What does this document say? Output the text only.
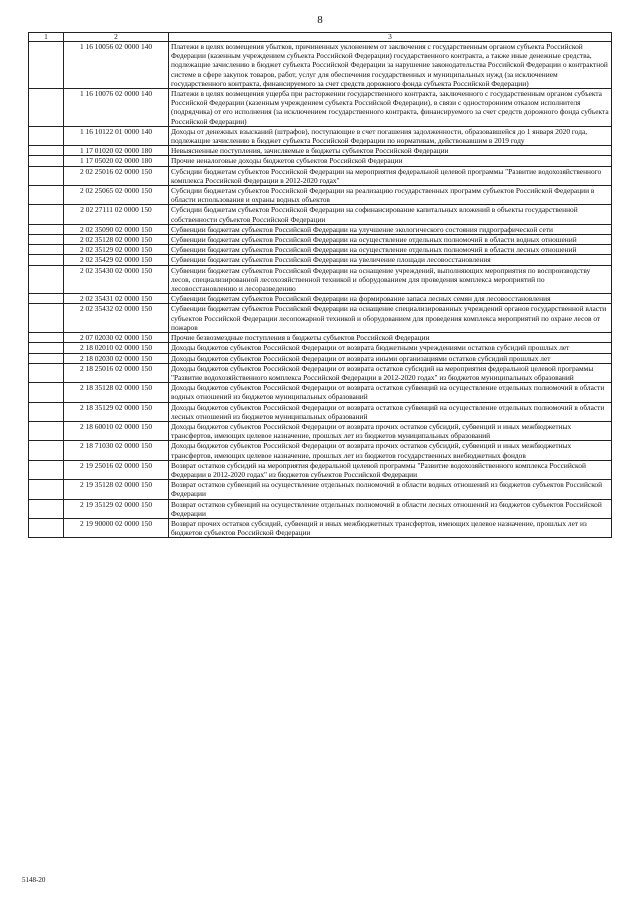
8
1	2	3
	1 16 10056 02 0000 140	Платежи в целях возмещения убытков, причиненных уклонением от заключения с государственным органом субъекта Российской Федерации (казенным учреждением субъекта Российской Федерации) государственного контракта, а также иные денежные средства, подлежащие зачислению в бюджет субъекта Российской Федерации за нарушение законодательства Российской Федерации о контрактной системе в сфере закупок товаров, работ, услуг для обеспечения государственных и муниципальных нужд (за исключением государственного контракта, финансируемого за счет средств дорожного фонда субъекта Российской Федерации)
	1 16 10076 02 0000 140	Платежи в целях возмещения ущерба при расторжении государственного контракта, заключенного с государственным органом субъекта Российской Федерации (казенным учреждением субъекта Российской Федерации), в связи с односторонним отказом исполнителя (подрядчика) от его исполнения (за исключением государственного контракта, финансируемого за счет средств дорожного фонда субъекта Российской Федерации)
	1 16 10122 01 0000 140	Доходы от денежных взысканий (штрафов), поступающие в счет погашения задолженности, образовавшейся до 1 января 2020 года, подлежащие зачислению в бюджет субъекта Российской Федерации по нормативам, действовавшим в 2019 году
	1 17 01020 02 0000 180	Невыясненные поступления, зачисляемые в бюджеты субъектов Российской Федерации
	1 17 05020 02 0000 180	Прочие неналоговые доходы бюджетов субъектов Российской Федерации
	2 02 25016 02 0000 150	Субсидии бюджетам субъектов Российской Федерации на мероприятия федеральной целевой программы "Развитие водохозяйственного комплекса Российской Федерации в 2012-2020 годах"
	2 02 25065 02 0000 150	Субсидии бюджетам субъектов Российской Федерации на реализацию государственных программ субъектов Российской Федерации в области использования и охраны водных объектов
	2 02 27111 02 0000 150	Субсидии бюджетам субъектов Российской Федерации на софинансирование капитальных вложений в объекты государственной собственности субъектов Российской Федерации
	2 02 35090 02 0000 150	Субвенции бюджетам субъектов Российской Федерации на улучшение экологического состояния гидрографической сети
	2 02 35128 02 0000 150	Субвенции бюджетам субъектов Российской Федерации на осуществление отдельных полномочий в области водных отношений
	2 02 35129 02 0000 150	Субвенции бюджетам субъектов Российской Федерации на осуществление отдельных полномочий в области лесных отношений
	2 02 35429 02 0000 150	Субвенции бюджетам субъектов Российской Федерации на увеличение площади лесовосстановления
	2 02 35430 02 0000 150	Субвенции бюджетам субъектов Российской Федерации на оснащение учреждений, выполняющих мероприятия по воспроизводству лесов, специализированной лесохозяйственной техникой и оборудованием для проведения комплекса мероприятий по лесовосстановлению и лесоразведению
	2 02 35431 02 0000 150	Субвенции бюджетам субъектов Российской Федерации на формирование запаса лесных семян для лесовосстановления
	2 02 35432 02 0000 150	Субвенции бюджетам субъектов Российской Федерации на оснащение специализированных учреждений органов государственной власти субъектов Российской Федерации лесопожарной техникой и оборудованием для проведения комплекса мероприятий по охране лесов от пожаров
	2 07 02030 02 0000 150	Прочие безвозмездные поступления в бюджеты субъектов Российской Федерации
	2 18 02010 02 0000 150	Доходы бюджетов субъектов Российской Федерации от возврата бюджетными учреждениями остатков субсидий прошлых лет
	2 18 02030 02 0000 150	Доходы бюджетов субъектов Российской Федерации от возврата иными организациями остатков субсидий прошлых лет
	2 18 25016 02 0000 150	Доходы бюджетов субъектов Российской Федерации от возврата остатков субсидий на мероприятия федеральной целевой программы "Развитие водохозяйственного комплекса Российской Федерации в 2012-2020 годах" из бюджетов муниципальных образований
	2 18 35128 02 0000 150	Доходы бюджетов субъектов Российской Федерации от возврата остатков субвенций на осуществление отдельных полномочий в области водных отношений из бюджетов муниципальных образований
	2 18 35129 02 0000 150	Доходы бюджетов субъектов Российской Федерации от возврата остатков субвенций на осуществление отдельных полномочий в области лесных отношений из бюджетов муниципальных образований
	2 18 60010 02 0000 150	Доходы бюджетов субъектов Российской Федерации от возврата прочих остатков субсидий, субвенций и иных межбюджетных трансфертов, имеющих целевое назначение, прошлых лет из бюджетов муниципальных образований
	2 18 71030 02 0000 150	Доходы бюджетов субъектов Российской Федерации от возврата прочих остатков субсидий, субвенций и иных межбюджетных трансфертов, имеющих целевое назначение, прошлых лет из бюджетов государственных внебюджетных фондов
	2 19 25016 02 0000 150	Возврат остатков субсидий на мероприятия федеральной целевой программы "Развитие водохозяйственного комплекса Российской Федерации в 2012-2020 годах" из бюджетов субъектов Российской Федерации
	2 19 35128 02 0000 150	Возврат остатков субвенций на осуществление отдельных полномочий в области водных отношений из бюджетов субъектов Российской Федерации
	2 19 35129 02 0000 150	Возврат остатков субвенций на осуществление отдельных полномочий в области лесных отношений из бюджетов субъектов Российской Федерации
	2 19 90000 02 0000 150	Возврат прочих остатков субсидий, субвенций и иных межбюджетных трансфертов, имеющих целевое назначение, прошлых лет из бюджетов субъектов Российской Федерации
5148-20
